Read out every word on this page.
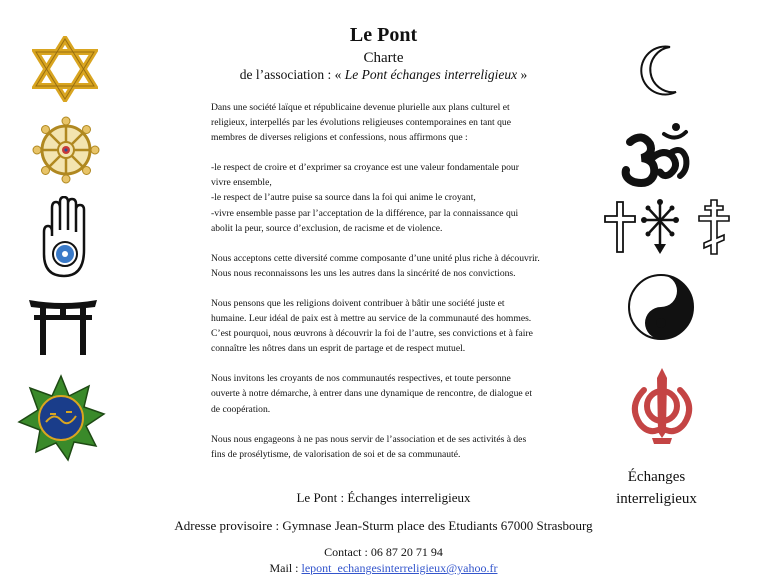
Le Pont
Charte
de l’association : « Le Pont échanges interreligieux »

Dans une société laïque et républicaine devenue plurielle aux plans culturel et religieux, interpellés par les évolutions religieuses contemporaines en tant que membres de diverses religions et confessions, nous affirmons que :

-le respect de croire et d’exprimer sa croyance est une valeur fondamentale pour vivre ensemble,
-le respect de l’autre puise sa source dans la foi qui anime le croyant,
-vivre ensemble passe par l’acceptation de la différence, par la connaissance qui abolit la peur, source d’exclusion, de racisme et de violence.

Nous acceptons cette diversité comme composante d’une unité plus riche à découvrir. Nous nous reconnaissons les uns les autres dans la sincérité de nos convictions.

Nous pensons que les religions doivent contribuer à bâtir une société juste et humaine. Leur idéal de paix est à mettre au service de la communauté des hommes.
C’est pourquoi, nous œuvrons à découvrir la foi de l’autre, ses convictions et à faire connaître les nôtres dans un esprit de partage et de respect mutuel.

Nous invitons les croyants de nos communautés respectives, et toute personne ouverte à notre démarche, à entrer dans une dynamique de rencontre, de dialogue et de coopération.

Nous nous engageons à ne pas nous servir de l’association et de ses activités à des fins de prosélytisme, de valorisation de soi et de sa communauté.

Le Pont : Échanges interreligieux
Adresse provisoire : Gymnase Jean-Sturm place des Etudiants 67000 Strasbourg
Contact : 06 87 20 71 94
Mail : lepont_echangesinterreligieux@yahoo.fr
Échanges
interreligieux
